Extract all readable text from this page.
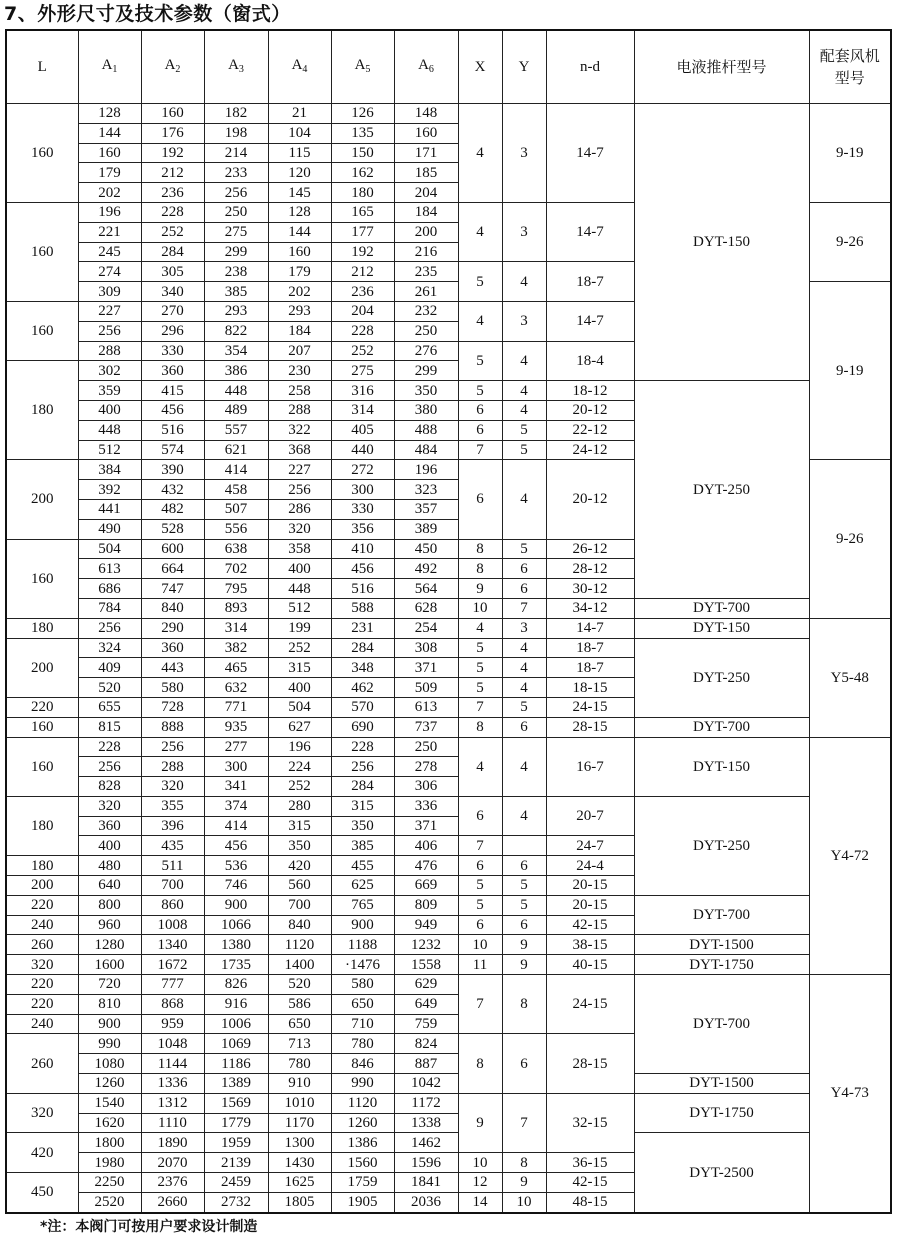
7、外形尺寸及技术参数（窗式）
L	$A_1$	$A_2$	$A_3$	$A_4$	$A_5$	$A_6$	X	Y	n-d	电液推杆型号	配套风机型号
160	128	160	182	21	126	148	4	3	14-7	DYT-150	9-19
	144	176	198	104	135	160					
	160	192	214	115	150	171					
	179	212	233	120	162	185					
	202	236	256	145	180	204					
160	196	228	250	128	165	184	4	3	14-7		9-26
	221	252	275	144	177	200					
	245	284	299	160	192	216					
	274	305	238	179	212	235	5	4	18-7		
	309	340	385	202	236	261					9-19
160	227	270	293	293	204	232	4	3	14-7		
	256	296	822	184	228	250					
	288	330	354	207	252	276	5	4	18-4		
180	302	360	386	230	275	299					
	359	415	448	258	316	350	5	4	18-12	DYT-250	
	400	456	489	288	314	380	6	4	20-12		
	448	516	557	322	405	488	6	5	22-12		
	512	574	621	368	440	484	7	5	24-12		
200	384	390	414	227	272	196	6	4	20-12		9-26
	392	432	458	256	300	323					
	441	482	507	286	330	357					
	490	528	556	320	356	389					
160	504	600	638	358	410	450	8	5	26-12		
	613	664	702	400	456	492	8	6	28-12		
	686	747	795	448	516	564	9	6	30-12		
	784	840	893	512	588	628	10	7	34-12	DYT-700	
180	256	290	314	199	231	254	4	3	14-7	DYT-150	Y5-48
200	324	360	382	252	284	308	5	4	18-7	DYT-250	
	409	443	465	315	348	371	5	4	18-7		
	520	580	632	400	462	509	5	4	18-15		
220	655	728	771	504	570	613	7	5	24-15		
160	815	888	935	627	690	737	8	6	28-15	DYT-700	
160	228	256	277	196	228	250	4	4	16-7	DYT-150	Y4-72
	256	288	300	224	256	278					
	828	320	341	252	284	306					
180	320	355	374	280	315	336	6	4	20-7	DYT-250	
	360	396	414	315	350	371					
	400	435	456	350	385	406	7		24-7		
180	480	511	536	420	455	476	6	6	24-4		
200	640	700	746	560	625	669	5	5	20-15		
220	800	860	900	700	765	809	5	5	20-15	DYT-700	
240	960	1008	1066	840	900	949	6	6	42-15		
260	1280	1340	1380	1120	1188	1232	10	9	38-15	DYT-1500	
320	1600	1672	1735	1400	·1476	1558	11	9	40-15	DYT-1750	
220	720	777	826	520	580	629	7	8	24-15	DYT-700	Y4-73
220	810	868	916	586	650	649					
240	900	959	1006	650	710	759					
260	990	1048	1069	713	780	824	8	6	28-15		
	1080	1144	1186	780	846	887					
	1260	1336	1389	910	990	1042				DYT-1500	
320	1540	1312	1569	1010	1120	1172	9	7	32-15	DYT-1750	
	1620	1110	1779	1170	1260	1338					
420	1800	1890	1959	1300	1386	1462				DYT-2500	
	1980	2070	2139	1430	1560	1596	10	8	36-15		
450	2250	2376	2459	1625	1759	1841	12	9	42-15		
	2520	2660	2732	1805	1905	2036	14	10	48-15		
*注：本阀门可按用户要求设计制造
